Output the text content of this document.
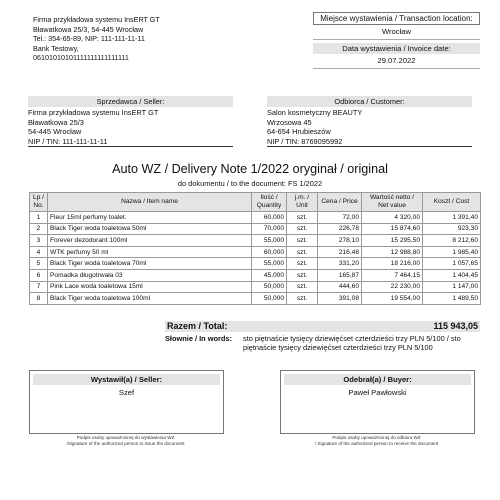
Firma przykładowa systemu InsERT GT
Bławatkowa 25/3, 54-445 Wrocław
Tel.: 354-65-89, NIP: 111-111-11-11
Bank Testowy,
06101010101111111111111111
Miejsce wystawienia / Transaction location:
Wrocław
Data wystawienia / Invoice date:
29.07.2022
Sprzedawca / Seller:
Firma przykładowa systemu InsERT GT
Bławatkowa 25/3
54-445 Wrocław
NIP / TIN: 111-111-11-11
Odbiorca / Customer:
Salon kosmetyczny BEAUTY
Wrzosowa 45
64-654 Hrubieszów
NIP / TIN: 8769095992
Auto WZ / Delivery Note 1/2022 oryginał / original
do dokumentu / to the document: FS 1/2022
Lp /
No.	Nazwa / Item name	Ilość /
Quantity	j.m. / Unit	Cena / Price	Wartość netto /
Net value	Koszt / Cost
1	Fleur 15ml perfumy toalet.	60,000	szt.	72,00	4 320,00	1 391,40
2	Black Tiger woda toaletowa 50ml	70,000	szt.	226,78	15 874,60	923,30
3	Forever dezodorant 100ml	55,000	szt.	278,10	15 295,50	8 212,60
4	WTK perfumy 50 ml	60,000	szt.	216,48	12 988,80	1 985,40
5	Black Tiger woda toaletowa 70ml	55,000	szt.	331,20	18 216,00	1 057,65
6	Pomadka długotrwała 03	45,000	szt.	165,87	7 464,15	1 404,45
7	Pink Lace woda toaletowa 15ml	50,000	szt.	444,60	22 230,00	1 147,00
8	Black Tiger woda toaletowa 100ml	50,000	szt.	391,08	19 554,00	1 489,50
Razem / Total:	115 943,05
Słownie / In words: sto piętnaście tysięcy dziewięćset czterdzieści trzy PLN 5/100 / sto piętnaście tysięcy dziewięćset czterdzieści trzy PLN 5/100
Wystawił(a) / Seller:
Szef
Podpis osoby upoważnionej do wystawienia WZ
/Signature of the authorized person to issue the document
Odebrał(a) / Buyer:
Paweł Pawłowski
Podpis osoby upoważnionej do odbioru WZ
/ Signature of the authorized person to receive the document
